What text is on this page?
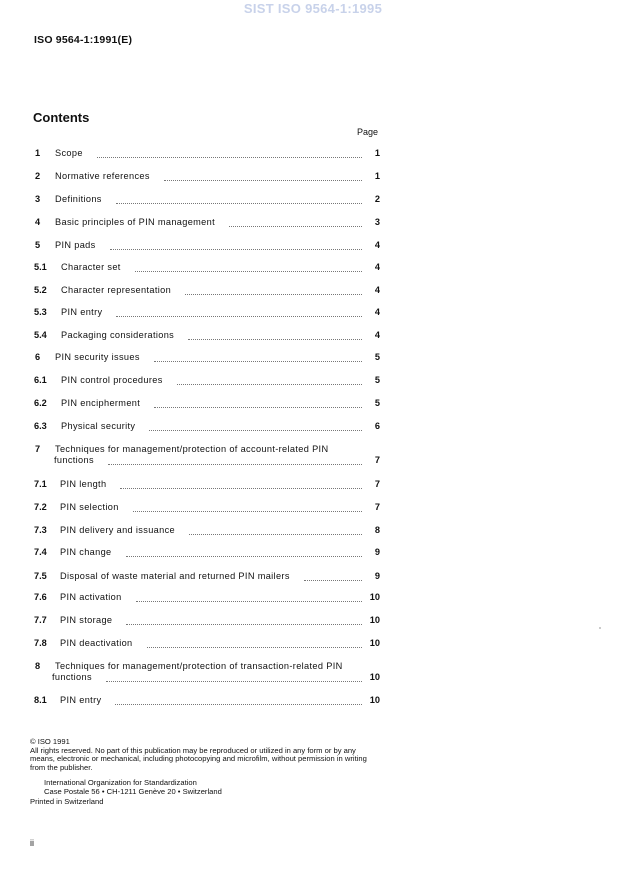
SIST ISO 9564-1:1995
ISO 9564-1:1991(E)
Contents
Page
1 Scope	1
2 Normative references	1
3 Definitions	2
4 Basic principles of PIN management	3
5 PIN pads	4
5.1 Character set	4
5.2 Character representation	4
5.3 PIN entry	4
5.4 Packaging considerations	4
6 PIN security issues	5
6.1 PIN control procedures	5
6.2 PIN encipherment	5
6.3 Physical security	6
7 Techniques for management/protection of account-related PIN
functions	7
7.1 PIN length	7
7.2 PIN selection	7
7.3 PIN delivery and issuance	8
7.4 PIN change	9
7.5 Disposal of waste material and returned PIN mailers	9
7.6 PIN activation	10
7.7 PIN storage	10
7.8 PIN deactivation	10
8 Techniques for management/protection of transaction-related PIN
functions	10
8.1 PIN entry	10

© ISO 1991

All rights reserved. No part of this publication may be reproduced or utilized in any form or by any means, electronic or mechanical, including photocopying and microfilm, without permission in writing from the publisher.

International Organization for Standardization
Case Postale 56 • CH-1211 Genève 20 • Switzerland
Printed in Switzerland
ii
